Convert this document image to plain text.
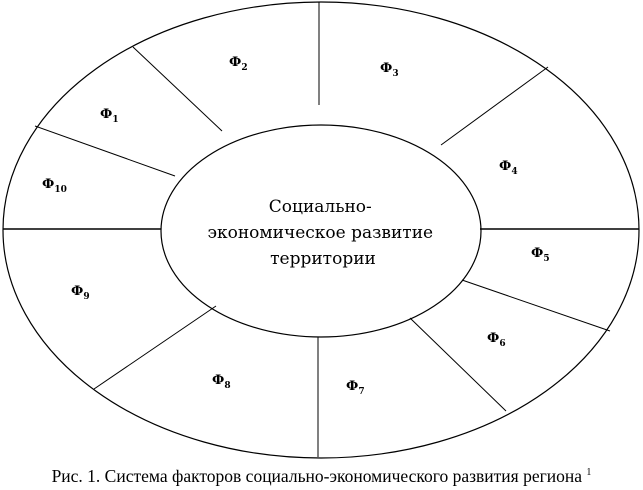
$Ф_1$
$Ф_2$	$Ф_3$
$Ф_4$
$Ф_5$
$Ф_6$
$Ф_7$
$Ф_8$
$Ф_9$
$Ф_{10}$
Социально- экономическое развитие территории
Рис. 1. Система факторов социально-экономического развития региона $^1$
